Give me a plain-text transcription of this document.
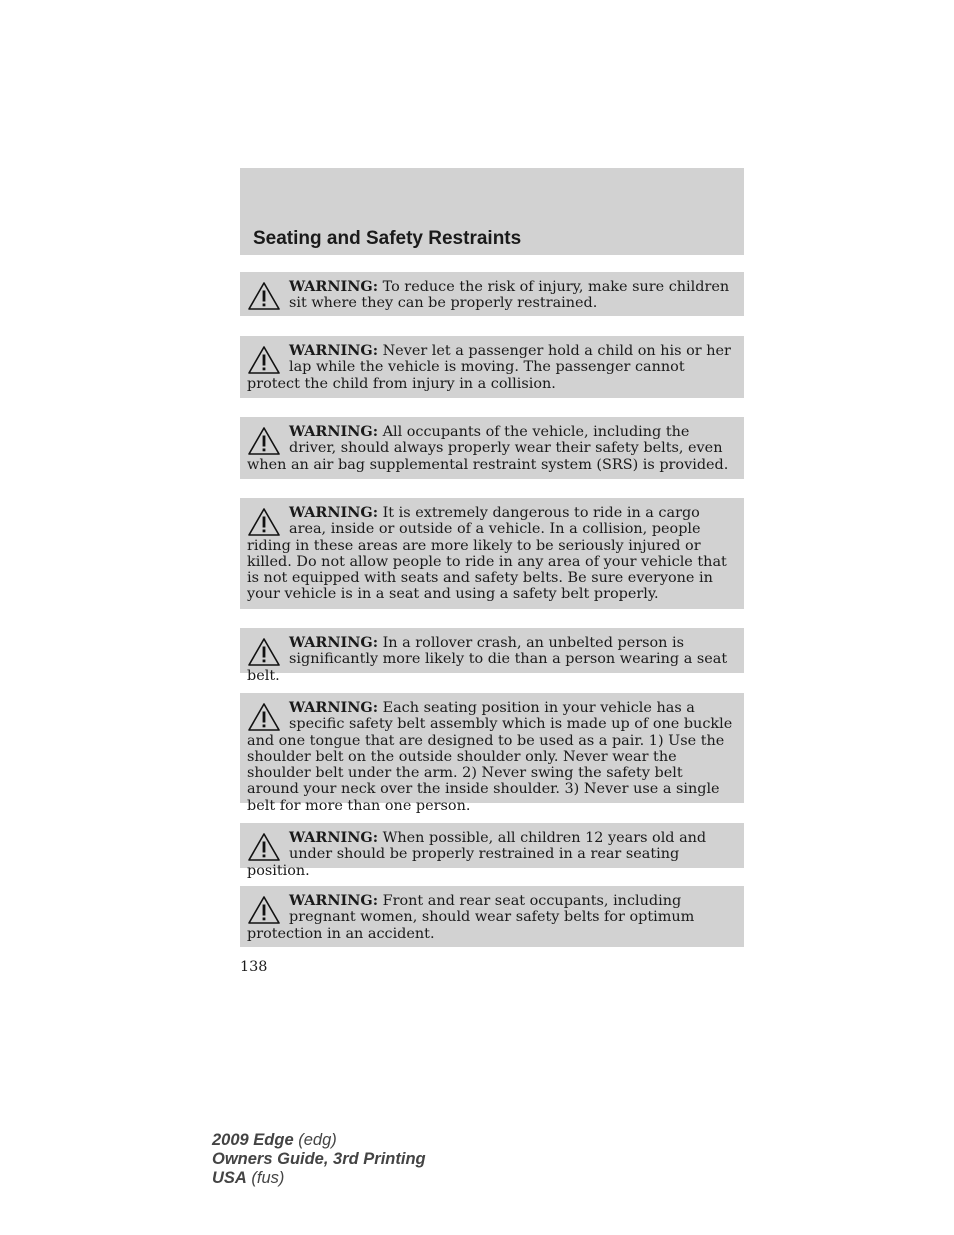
Seating and Safety Restraints
WARNING: To reduce the risk of injury, make sure children sit where they can be properly restrained.
WARNING: Never let a passenger hold a child on his or her lap while the vehicle is moving. The passenger cannot protect the child from injury in a collision.
WARNING: All occupants of the vehicle, including the driver, should always properly wear their safety belts, even when an air bag supplemental restraint system (SRS) is provided.
WARNING: It is extremely dangerous to ride in a cargo area, inside or outside of a vehicle. In a collision, people riding in these areas are more likely to be seriously injured or killed. Do not allow people to ride in any area of your vehicle that is not equipped with seats and safety belts. Be sure everyone in your vehicle is in a seat and using a safety belt properly.
WARNING: In a rollover crash, an unbelted person is significantly more likely to die than a person wearing a seat belt.
WARNING: Each seating position in your vehicle has a specific safety belt assembly which is made up of one buckle and one tongue that are designed to be used as a pair. 1) Use the shoulder belt on the outside shoulder only. Never wear the shoulder belt under the arm. 2) Never swing the safety belt around your neck over the inside shoulder. 3) Never use a single belt for more than one person.
WARNING: When possible, all children 12 years old and under should be properly restrained in a rear seating position.
WARNING: Front and rear seat occupants, including pregnant women, should wear safety belts for optimum protection in an accident.
138
2009 Edge (edg)
Owners Guide, 3rd Printing
USA (fus)
